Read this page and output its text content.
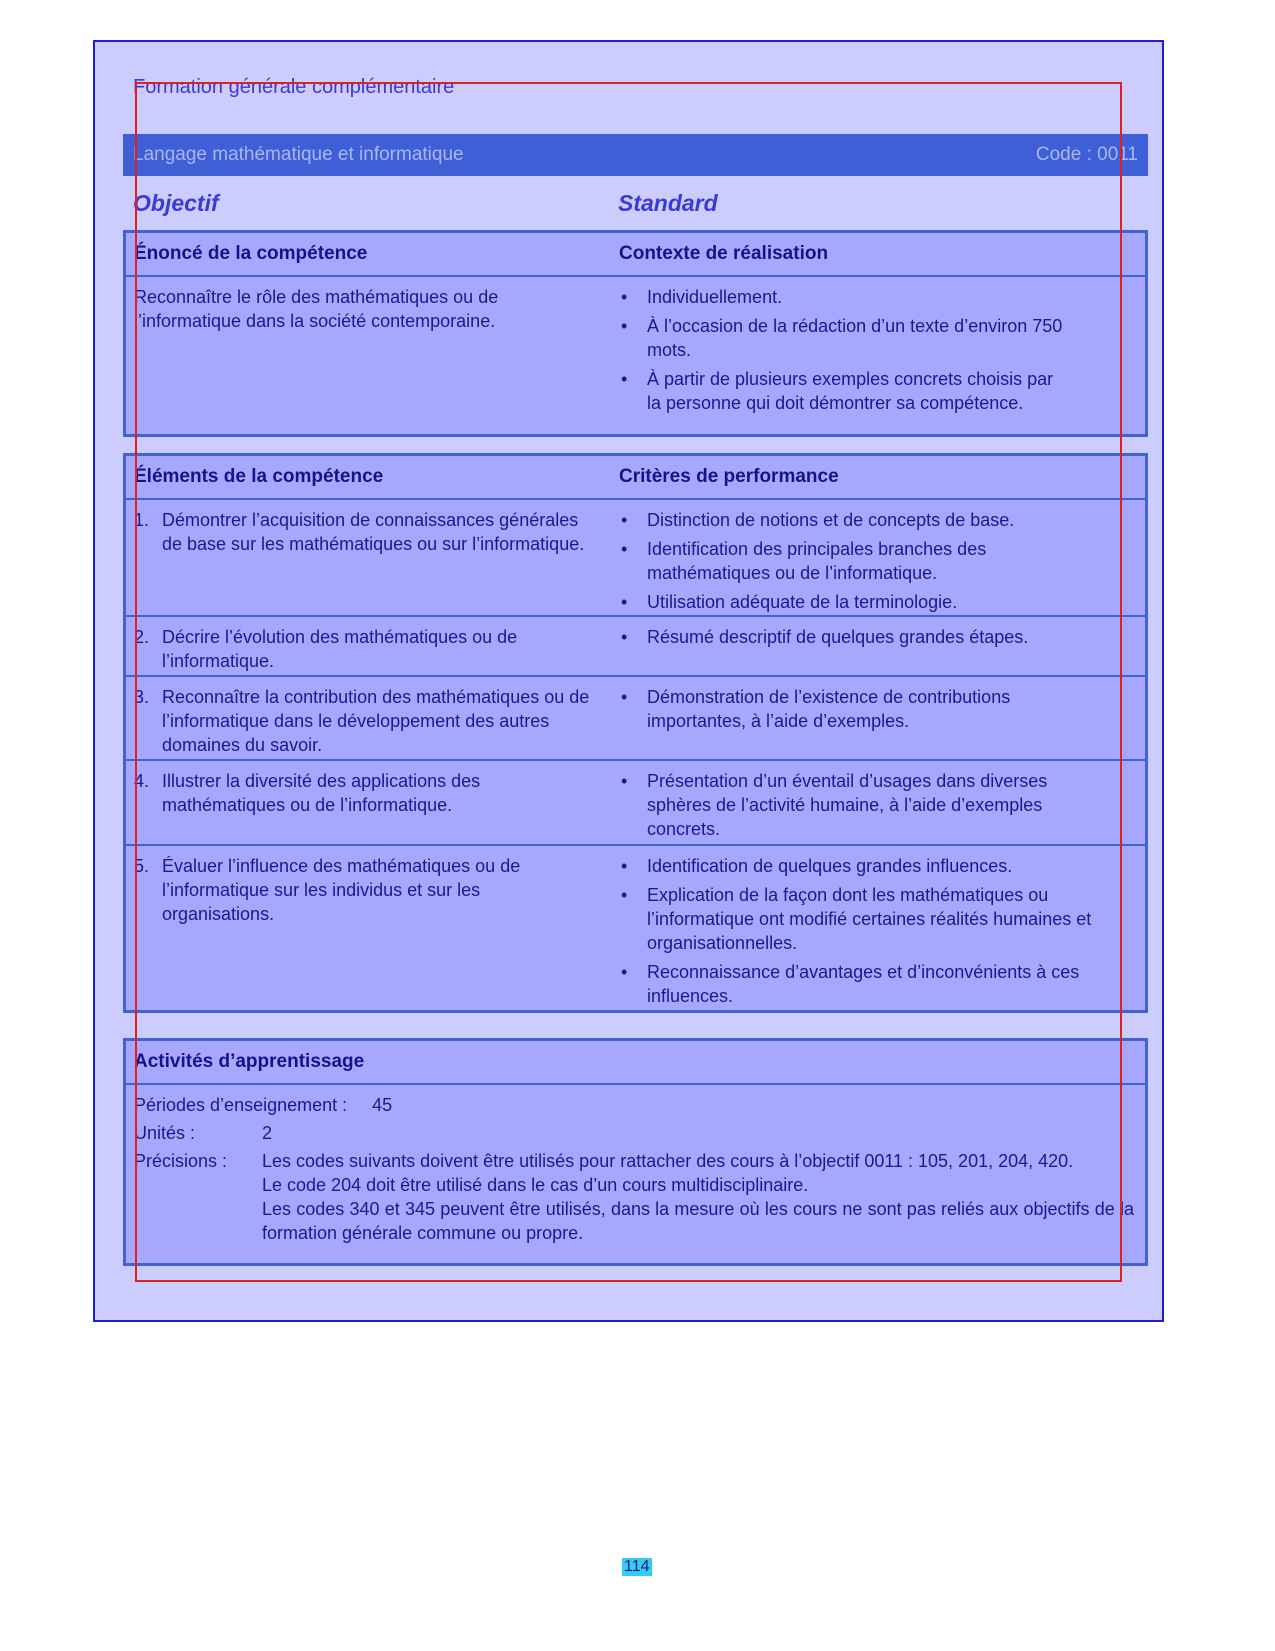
Formation générale complémentaire
Langage mathématique et informatique	Code : 0011
Objectif	Standard
Énoncé de la compétence	Contexte de réalisation
Reconnaître le rôle des mathématiques ou de l’informatique dans la société contemporaine.
• Individuellement.
• À l’occasion de la rédaction d’un texte d’environ 750 mots.
• À partir de plusieurs exemples concrets choisis par la personne qui doit démontrer sa compétence.
Éléments de la compétence	Critères de performance
1. Démontrer l’acquisition de connaissances générales de base sur les mathématiques ou sur l’informatique.
• Distinction de notions et de concepts de base.
• Identification des principales branches des mathématiques ou de l’informatique.
• Utilisation adéquate de la terminologie.
2. Décrire l’évolution des mathématiques ou de l’informatique.
• Résumé descriptif de quelques grandes étapes.
3. Reconnaître la contribution des mathématiques ou de l’informatique dans le développement des autres domaines du savoir.
• Démonstration de l’existence de contributions importantes, à l’aide d’exemples.
4. Illustrer la diversité des applications des mathématiques ou de l’informatique.
• Présentation d’un éventail d’usages dans diverses sphères de l’activité humaine, à l’aide d’exemples concrets.
5. Évaluer l’influence des mathématiques ou de l’informatique sur les individus et sur les organisations.
• Identification de quelques grandes influences.
• Explication de la façon dont les mathématiques ou l’informatique ont modifié certaines réalités humaines et organisationnelles.
• Reconnaissance d’avantages et d’inconvénients à ces influences.
Activités d’apprentissage
Périodes d’enseignement : 45
Unités :	2
Précisions : Les codes suivants doivent être utilisés pour rattacher des cours à l’objectif 0011 : 105, 201, 204, 420.
Le code 204 doit être utilisé dans le cas d’un cours multidisciplinaire.
Les codes 340 et 345 peuvent être utilisés, dans la mesure où les cours ne sont pas reliés aux objectifs de la formation générale commune ou propre.
114
